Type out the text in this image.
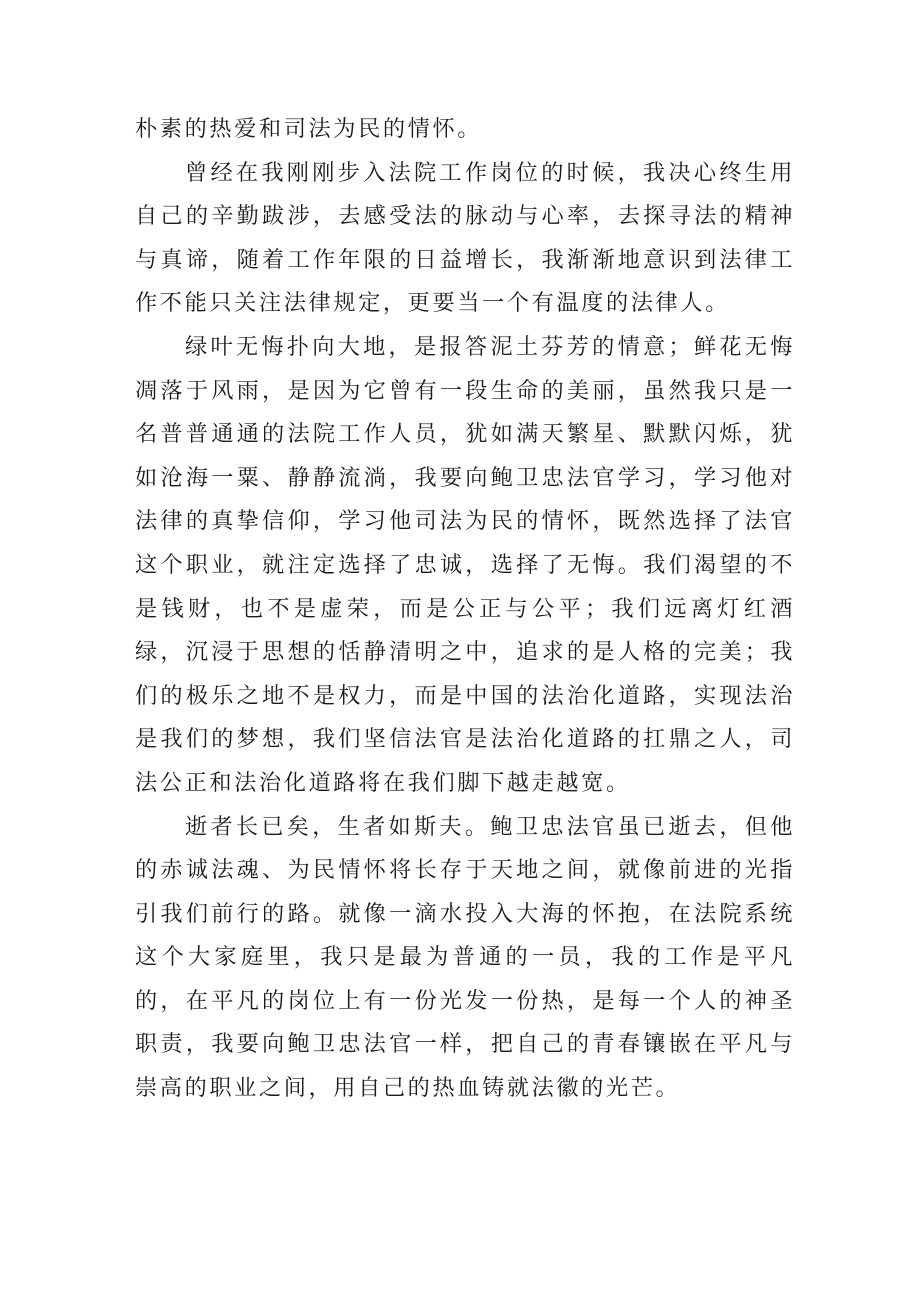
朴素的热爱和司法为民的情怀。

曾经在我刚刚步入法院工作岗位的时候，我决心终生用自己的辛勤跋涉，去感受法的脉动与心率，去探寻法的精神与真谛，随着工作年限的日益增长，我渐渐地意识到法律工作不能只关注法律规定，更要当一个有温度的法律人。

绿叶无悔扑向大地，是报答泥土芬芳的情意；鲜花无悔凋落于风雨，是因为它曾有一段生命的美丽，虽然我只是一名普普通通的法院工作人员，犹如满天繁星、默默闪烁，犹如沧海一粟、静静流淌，我要向鲍卫忠法官学习，学习他对法律的真挚信仰，学习他司法为民的情怀，既然选择了法官这个职业，就注定选择了忠诚，选择了无悔。我们渴望的不是钱财，也不是虚荣，而是公正与公平；我们远离灯红酒绿，沉浸于思想的恬静清明之中，追求的是人格的完美；我们的极乐之地不是权力，而是中国的法治化道路，实现法治是我们的梦想，我们坚信法官是法治化道路的扛鼎之人，司法公正和法治化道路将在我们脚下越走越宽。

逝者长已矣，生者如斯夫。鲍卫忠法官虽已逝去，但他的赤诚法魂、为民情怀将长存于天地之间，就像前进的光指引我们前行的路。就像一滴水投入大海的怀抱，在法院系统这个大家庭里，我只是最为普通的一员，我的工作是平凡的，在平凡的岗位上有一份光发一份热，是每一个人的神圣职责，我要向鲍卫忠法官一样，把自己的青春镶嵌在平凡与崇高的职业之间，用自己的热血铸就法徽的光芒。
